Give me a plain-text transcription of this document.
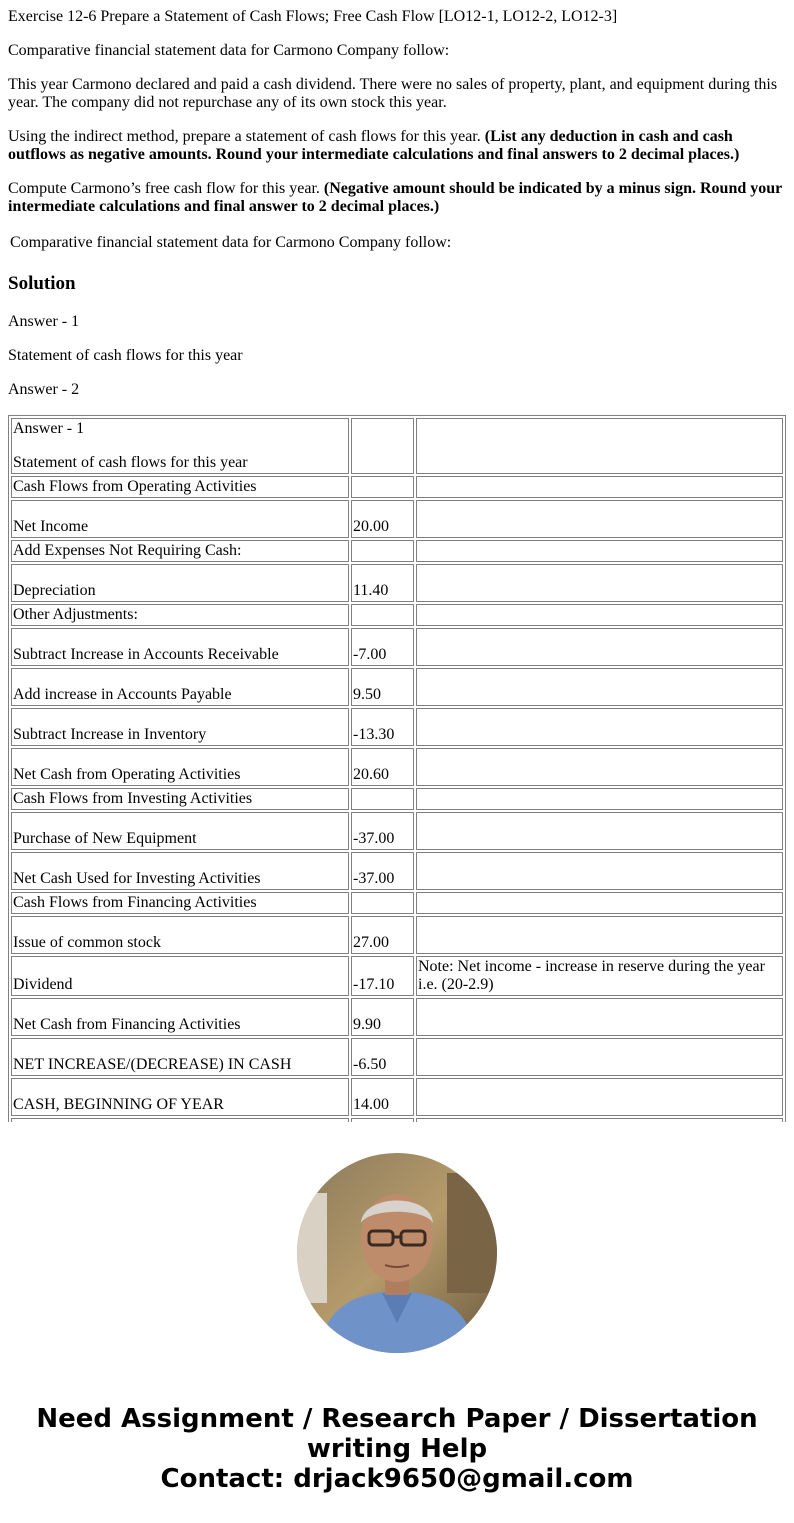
Exercise 12-6 Prepare a Statement of Cash Flows; Free Cash Flow [LO12-1, LO12-2, LO12-3]

Comparative financial statement data for Carmono Company follow:

This year Carmono declared and paid a cash dividend. There were no sales of property, plant, and equipment during this year. The company did not repurchase any of its own stock this year.

Using the indirect method, prepare a statement of cash flows for this year. (List any deduction in cash and cash outflows as negative amounts. Round your intermediate calculations and final answers to 2 decimal places.)

Compute Carmono’s free cash flow for this year. (Negative amount should be indicated by a minus sign. Round your intermediate calculations and final answer to 2 decimal places.)

Comparative financial statement data for Carmono Company follow:

Solution

Answer - 1

Statement of cash flows for this year

Answer - 2

Answer - 1
Statement of cash flows for this year		

Cash Flows from Operating Activities		
Net Income	20.00	
Add Expenses Not Requiring Cash:		
Depreciation	11.40	
Other Adjustments:		
Subtract Increase in Accounts Receivable	-7.00	
Add increase in Accounts Payable	9.50	
Subtract Increase in Inventory	-13.30	
Net Cash from Operating Activities	20.60	
Cash Flows from Investing Activities		
Purchase of New Equipment	-37.00	
Net Cash Used for Investing Activities	-37.00	
Cash Flows from Financing Activities		
Issue of common stock	27.00	
Dividend	-17.10	Note: Net income - increase in reserve during the year i.e. (20-2.9)
Net Cash from Financing Activities	9.90	
NET INCREASE/(DECREASE) IN CASH	-6.50	
CASH, BEGINNING OF YEAR	14.00	

Need Assignment / Research Paper / Dissertation
writing Help
Contact: drjack9650@gmail.com
